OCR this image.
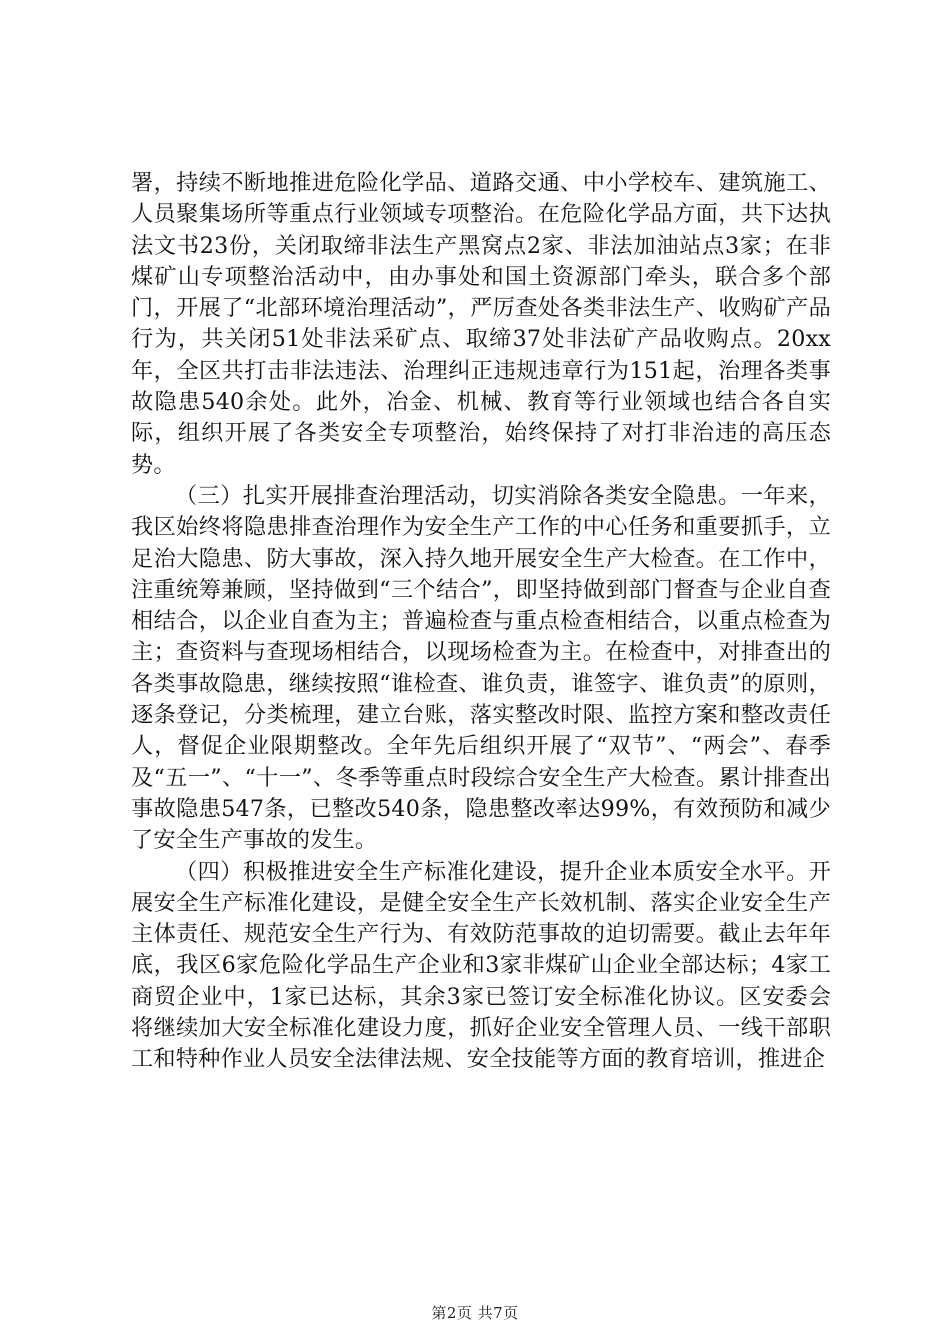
署，持续不断地推进危险化学品、道路交通、中小学校车、建筑施工、人员聚集场所等重点行业领域专项整治。在危险化学品方面，共下达执法文书23份，关闭取缔非法生产黑窝点2家、非法加油站点3家；在非煤矿山专项整治活动中，由办事处和国土资源部门牵头，联合多个部门，开展了“北部环境治理活动”，严厉查处各类非法生产、收购矿产品行为，共关闭51处非法采矿点、取缔37处非法矿产品收购点。20xx年，全区共打击非法违法、治理纠正违规违章行为151起，治理各类事故隐患540余处。此外，冶金、机械、教育等行业领域也结合各自实际，组织开展了各类安全专项整治，始终保持了对打非治违的高压态势。

（三）扎实开展排查治理活动，切实消除各类安全隐患。一年来，我区始终将隐患排查治理作为安全生产工作的中心任务和重要抓手，立足治大隐患、防大事故，深入持久地开展安全生产大检查。在工作中，注重统筹兼顾，坚持做到“三个结合”，即坚持做到部门督查与企业自查相结合，以企业自查为主；普遍检查与重点检查相结合，以重点检查为主；查资料与查现场相结合，以现场检查为主。在检查中，对排查出的各类事故隐患，继续按照“谁检查、谁负责，谁签字、谁负责”的原则，逐条登记，分类梳理，建立台账，落实整改时限、监控方案和整改责任人，督促企业限期整改。全年先后组织开展了“双节”、“两会”、春季及“五一”、“十一”、冬季等重点时段综合安全生产大检查。累计排查出事故隐患547条，已整改540条，隐患整改率达99%，有效预防和减少了安全生产事故的发生。

（四）积极推进安全生产标准化建设，提升企业本质安全水平。开展安全生产标准化建设，是健全安全生产长效机制、落实企业安全生产主体责任、规范安全生产行为、有效防范事故的迫切需要。截止去年年底，我区6家危险化学品生产企业和3家非煤矿山企业全部达标；4家工商贸企业中，1家已达标，其余3家已签订安全标准化协议。区安委会将继续加大安全标准化建设力度，抓好企业安全管理人员、一线干部职工和特种作业人员安全法律法规、安全技能等方面的教育培训，推进企

第2页 共7页
